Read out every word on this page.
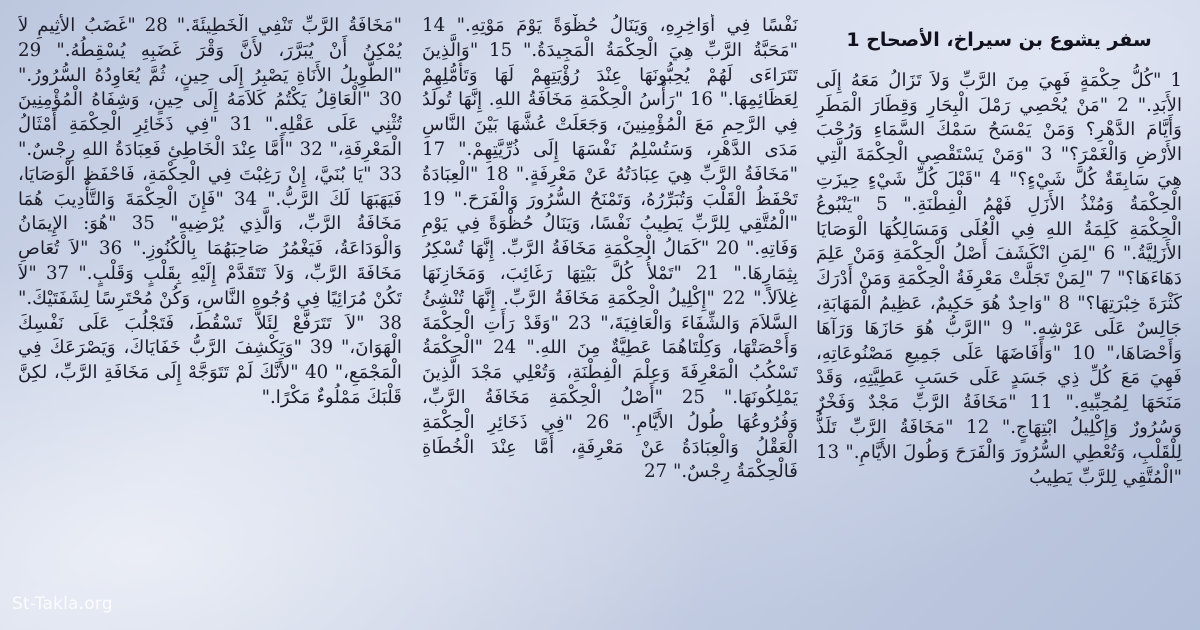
سفر يشوع بن سيراخ، الأصحاح 1

1 "كُلُّ حِكْمَةٍ فَهِيَ مِنَ الرَّبِّ وَلاَ تَزَالُ مَعَهُ إِلَى الأَبَدِ." 2 "مَنْ يُحْصِي رَمْلَ الْبِحَارِ وَقِطَارَ الْمَطَرِ وَأَيَّامَ الدَّهْرِ؟ وَمَنْ يَمْسَحُ سَمْكَ السَّمَاءِ وَرُحْبَ الأَرْضِ وَالْغَمْرَ؟" 3 "وَمَنْ يَسْتَقْصِي الْحِكْمَةَ الَّتِي هِيَ سَابِقَةٌ كُلَّ شَيْءٍ؟" 4 "قَبْلَ كُلِّ شَيْءٍ حِيزَتِ الْحِكْمَةُ وَمُنْذُ الأَزَلِ فَهْمُ الْفِطْنَةِ." 5 "يَنْبُوعُ الْحِكْمَةِ كَلِمَةُ اللهِ فِي الْعُلَى وَمَسَالِكُهَا الْوَصَايَا الأَزَلِيَّةُ." 6 "لِمَنِ انْكَشَفَ أَصْلُ الْحِكْمَةِ وَمَنْ عَلِمَ دَهَاءَهَا؟" 7 "لِمَنْ تَجَلَّتْ مَعْرِفَةُ الْحِكْمَةِ وَمَنْ أَدْرَكَ كَثْرَةَ خِبْرَتِهَا؟" 8 "وَاحِدٌ هُوَ حَكِيمٌ، عَظِيمُ الْمَهَابَةِ، جَالِسٌ عَلَى عَرْشِهِ." 9 "الرَّبُّ هُوَ حَازَهَا وَرَآهَا وَأَحْصَاهَا،" 10 "وَأَفَاضَهَا عَلَى جَمِيعِ مَصْنُوعَاتِهِ، فَهِيَ مَعَ كُلِّ ذِي جَسَدٍ عَلَى حَسَبِ عَطِيَّتِهِ، وَقَدْ مَنَحَهَا لِمُحِبِّيهِ." 11 "مَخَافَةُ الرَّبِّ مَجْدٌ وَفَخْرٌ وَسُرُورٌ وَإِكْلِيلُ ابْتِهَاجٍ." 12 "مَخَافَةُ الرَّبِّ تَلَذُّ لِلْقَلْبِ، وَتُعْطِي السُّرُورَ وَالْفَرَحَ وَطُولَ الأَيَّامِ." 13 "الْمُتَّقِي لِلرَّبِّ يَطِيبُ

نَفْسًا فِي أَوَاخِرِهِ، وَيَنَالُ حُظْوَةً يَوْمَ مَوْتِهِ." 14 "مَحَبَّةُ الرَّبِّ هِيَ الْحِكْمَةُ الْمَجِيدَةُ." 15 "وَالَّذِينَ تَتَرَاءَى لَهُمْ يُحِبُّونَهَا عِنْدَ رُؤْيَتِهِمْ لَهَا وَتَأَمُّلِهِمْ لِعَظَائِمِهَا." 16 "رَأْسُ الْحِكْمَةِ مَخَافَةُ اللهِ. إِنَّهَا تُولَدُ فِي الرَّحِمِ مَعَ الْمُؤْمِنِينَ، وَجَعَلَتْ عُشَّهَا بَيْنَ النَّاسِ مَدَى الدَّهْرِ، وَسَتُسْلِمُ نَفْسَهَا إِلَى ذُرِّيَّتِهِمْ." 17 "مَخَافَةُ الرَّبِّ هِيَ عِبَادَتُهُ عَنْ مَعْرِفَةٍ." 18 "الْعِبَادَةُ تَحْفَظُ الْقَلْبَ وَتُبَرِّرُهُ، وَتَمْنَحُ السُّرُورَ وَالْفَرَحَ." 19 "الْمُتَّقِي لِلرَّبِّ يَطِيبُ نَفْسًا، وَيَنَالُ حُظْوَةً فِي يَوْمِ وَفَاتِهِ." 20 "كَمَالُ الْحِكْمَةِ مَخَافَةُ الرَّبِّ. إِنَّهَا تُسْكِرُ بِثِمَارِهَا." 21 "تَمْلأُ كُلَّ بَيْتِهَا رَغَائِبَ، وَمَخَازِنَهَا غِلاَلاً." 22 "إِكْلِيلُ الْحِكْمَةِ مَخَافَةُ الرَّبِّ. إِنَّهَا تُنْشِئُ السَّلاَمَ وَالشِّفَاءَ وَالْعَافِيَةَ،" 23 "وَقَدْ رَأَتِ الْحِكْمَةَ وَأَحْصَتْهَا، وَكِلْتَاهُمَا عَطِيَّةٌ مِنَ اللهِ." 24 "الْحِكْمَةُ تَسْكُبُ الْمَعْرِفَةَ وَعِلْمَ الْفِطْنَةِ، وَتُعْلِي مَجْدَ الَّذِينَ يَمْلِكُونَهَا." 25 "أَصْلُ الْحِكْمَةِ مَخَافَةُ الرَّبِّ، وَفُرُوعُهَا طُولُ الأَيَّامِ." 26 "فِي ذَخَائِرِ الْحِكْمَةِ الْعَقْلُ وَالْعِبَادَةُ عَنْ مَعْرِفَةٍ، أَمَّا عِنْدَ الْخُطَاةِ فَالْحِكْمَةُ رِجْسٌ." 27

"مَخَافَةُ الرَّبِّ تَنْفِي الْخَطِيئَةَ." 28 "غَضَبُ الأَثِيمِ لاَ يُمْكِنُ أَنْ يُبَرَّرَ، لأَنَّ وَقْرَ غَضَبِهِ يُسْقِطُهُ." 29 "الطَّوِيلُ الأَنَاةِ يَصْبِرُ إِلَى حِينٍ، ثُمَّ يُعَاوِدُهُ السُّرُورُ." 30 "الْعَاقِلُ يَكْتُمُ كَلاَمَهُ إِلَى حِينٍ، وَشِفَاهُ الْمُؤْمِنِينَ تُثْنِي عَلَى عَقْلِهِ." 31 "فِي ذَخَائِرِ الْحِكْمَةِ أَمْثَالُ الْمَعْرِفَةِ،" 32 "أَمَّا عِنْدَ الْخَاطِئِ فَعِبَادَةُ اللهِ رِجْسٌ." 33 "يَا بُنَيَّ، إِنْ رَغِبْتَ فِي الْحِكْمَةِ، فَاحْفَظِ الْوَصَايَا، فَيَهَبَهَا لَكَ الرَّبُّ." 34 "فَإِنَ الْحِكْمَةَ وَالتَّأْدِيبَ هُمَا مَخَافَةُ الرَّبِّ، وَالَّذِي يُرْضِيهِ" 35 "هُوَ: الإِيمَانُ وَالْوَدَاعَةُ، فَيَغْمُرُ صَاحِبَهُمَا بِالْكُنُوزِ." 36 "لاَ تُعَاصِ مَخَافَةَ الرَّبِّ، وَلاَ تَتَقَدَّمْ إِلَيْهِ بِقَلْبٍ وَقَلْبٍ." 37 "لاَ تَكُنْ مُرَائِيًا فِي وُجُوهِ النَّاسِ، وَكُنْ مُحْتَرِسًا لِشَفَتَيْكَ." 38 "لاَ تَتَرَفَّعْ لِئَلاَّ تَسْقُطَ، فَتَجْلُبَ عَلَى نَفْسِكَ الْهَوَانَ،" 39 "وَيَكْشِفَ الرَّبُّ خَفَايَاكَ، وَيَصْرَعَكَ فِي الْمَجْمَعِ،" 40 "لأَنَّكَ لَمْ تَتَوَجَّهْ إِلَى مَخَافَةِ الرَّبِّ، لكِنَّ قَلْبَكَ مَمْلُوءٌ مَكْرًا."

St-Takla.org
